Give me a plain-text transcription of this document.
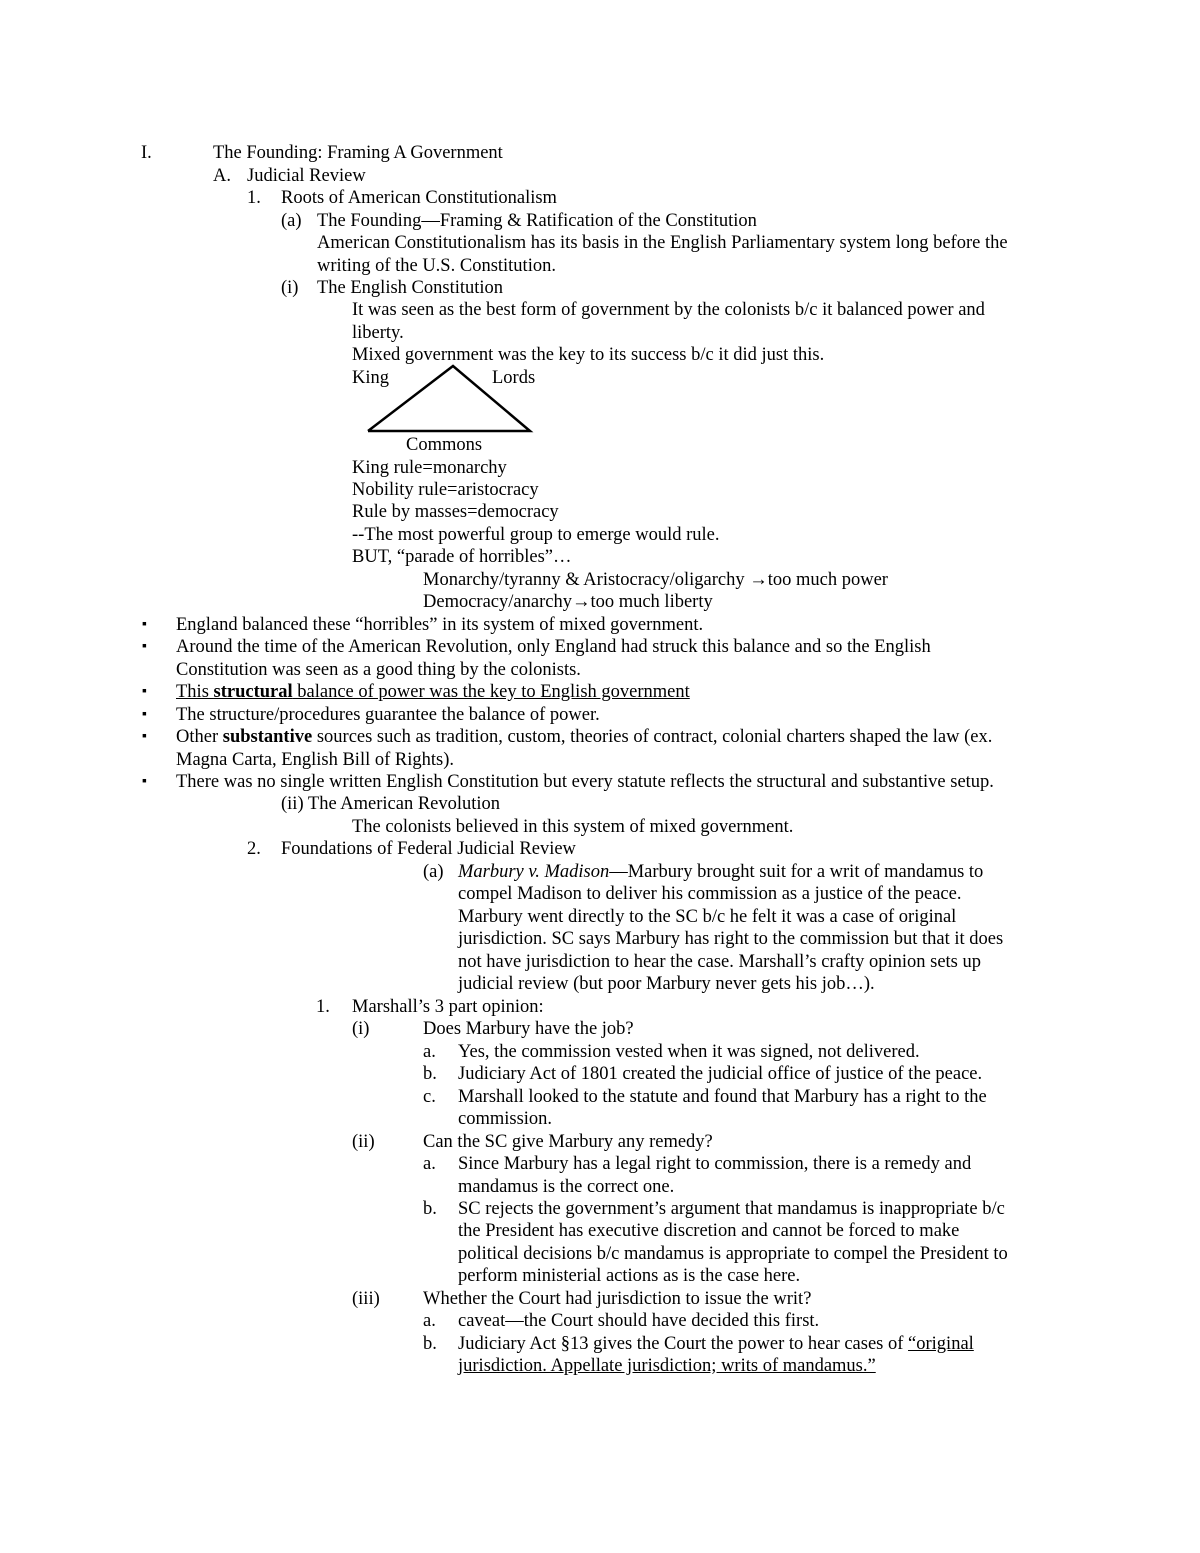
I.	The Founding: Framing A Government
A. Judicial Review
1. Roots of American Constitutionalism
(a) The Founding—Framing & Ratification of the Constitution
American Constitutionalism has its basis in the English Parliamentary system long before the
writing of the U.S. Constitution.
(i) The English Constitution
It was seen as the best form of government by the colonists b/c it balanced power and
liberty.
Mixed government was the key to its success b/c it did just this.
King	Lords
Commons
King rule=monarchy
Nobility rule=aristocracy
Rule by masses=democracy
--The most powerful group to emerge would rule.
BUT, “parade of horribles”…
Monarchy/tyranny & Aristocracy/oligarchy →too much power
Democracy/anarchy→too much liberty
▪ England balanced these “horribles” in its system of mixed government.
▪ Around the time of the American Revolution, only England had struck this balance and so the English
Constitution was seen as a good thing by the colonists.
▪ This structural balance of power was the key to English government
▪ The structure/procedures guarantee the balance of power.
▪ Other substantive sources such as tradition, custom, theories of contract, colonial charters shaped the law (ex.
Magna Carta, English Bill of Rights).
▪ There was no single written English Constitution but every statute reflects the structural and substantive setup.
(ii) The American Revolution
The colonists believed in this system of mixed government.
2. Foundations of Federal Judicial Review
(a) Marbury v. Madison—Marbury brought suit for a writ of mandamus to
compel Madison to deliver his commission as a justice of the peace.
Marbury went directly to the SC b/c he felt it was a case of original
jurisdiction. SC says Marbury has right to the commission but that it does
not have jurisdiction to hear the case. Marshall’s crafty opinion sets up
judicial review (but poor Marbury never gets his job…).
1. Marshall’s 3 part opinion:
(i)	Does Marbury have the job?
a. Yes, the commission vested when it was signed, not delivered.
b. Judiciary Act of 1801 created the judicial office of justice of the peace.
c. Marshall looked to the statute and found that Marbury has a right to the
commission.
(ii)	Can the SC give Marbury any remedy?
a. Since Marbury has a legal right to commission, there is a remedy and
mandamus is the correct one.
b. SC rejects the government’s argument that mandamus is inappropriate b/c
the President has executive discretion and cannot be forced to make
political decisions b/c mandamus is appropriate to compel the President to
perform ministerial actions as is the case here.
(iii) Whether the Court had jurisdiction to issue the writ?
a. caveat—the Court should have decided this first.
b. Judiciary Act §13 gives the Court the power to hear cases of “original
jurisdiction. Appellate jurisdiction; writs of mandamus.”
